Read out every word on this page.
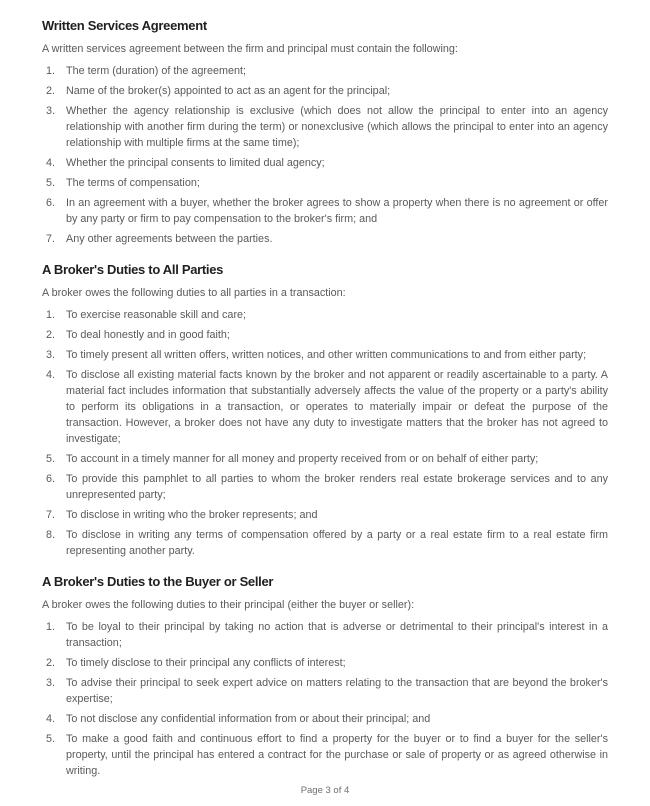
Written Services Agreement

A written services agreement between the firm and principal must contain the following:

1.	The term (duration) of the agreement;
2.	Name of the broker(s) appointed to act as an agent for the principal;
3.	Whether the agency relationship is exclusive (which does not allow the principal to enter into an agency relationship with another firm during the term) or nonexclusive (which allows the principal to enter into an agency relationship with multiple firms at the same time);
4.	Whether the principal consents to limited dual agency;
5.	The terms of compensation;
6.	In an agreement with a buyer, whether the broker agrees to show a property when there is no agreement or offer by any party or firm to pay compensation to the broker's firm; and
7.	Any other agreements between the parties.
A Broker's Duties to All Parties

A broker owes the following duties to all parties in a transaction:

1.	To exercise reasonable skill and care;
2.	To deal honestly and in good faith;
3.	To timely present all written offers, written notices, and other written communications to and from either party;
4.	To disclose all existing material facts known by the broker and not apparent or readily ascertainable to a party. A material fact includes information that substantially adversely affects the value of the property or a party's ability to perform its obligations in a transaction, or operates to materially impair or defeat the purpose of the transaction. However, a broker does not have any duty to investigate matters that the broker has not agreed to investigate;
5.	To account in a timely manner for all money and property received from or on behalf of either party;
6.	To provide this pamphlet to all parties to whom the broker renders real estate brokerage services and to any unrepresented party;
7.	To disclose in writing who the broker represents; and
8.	To disclose in writing any terms of compensation offered by a party or a real estate firm to a real estate firm representing another party.
A Broker's Duties to the Buyer or Seller

A broker owes the following duties to their principal (either the buyer or seller):

1.	To be loyal to their principal by taking no action that is adverse or detrimental to their principal's interest in a transaction;
2.	To timely disclose to their principal any conflicts of interest;
3.	To advise their principal to seek expert advice on matters relating to the transaction that are beyond the broker's expertise;
4.	To not disclose any confidential information from or about their principal; and
5.	To make a good faith and continuous effort to find a property for the buyer or to find a buyer for the seller's property, until the principal has entered a contract for the purchase or sale of property or as agreed otherwise in writing.
Page 3 of 4
